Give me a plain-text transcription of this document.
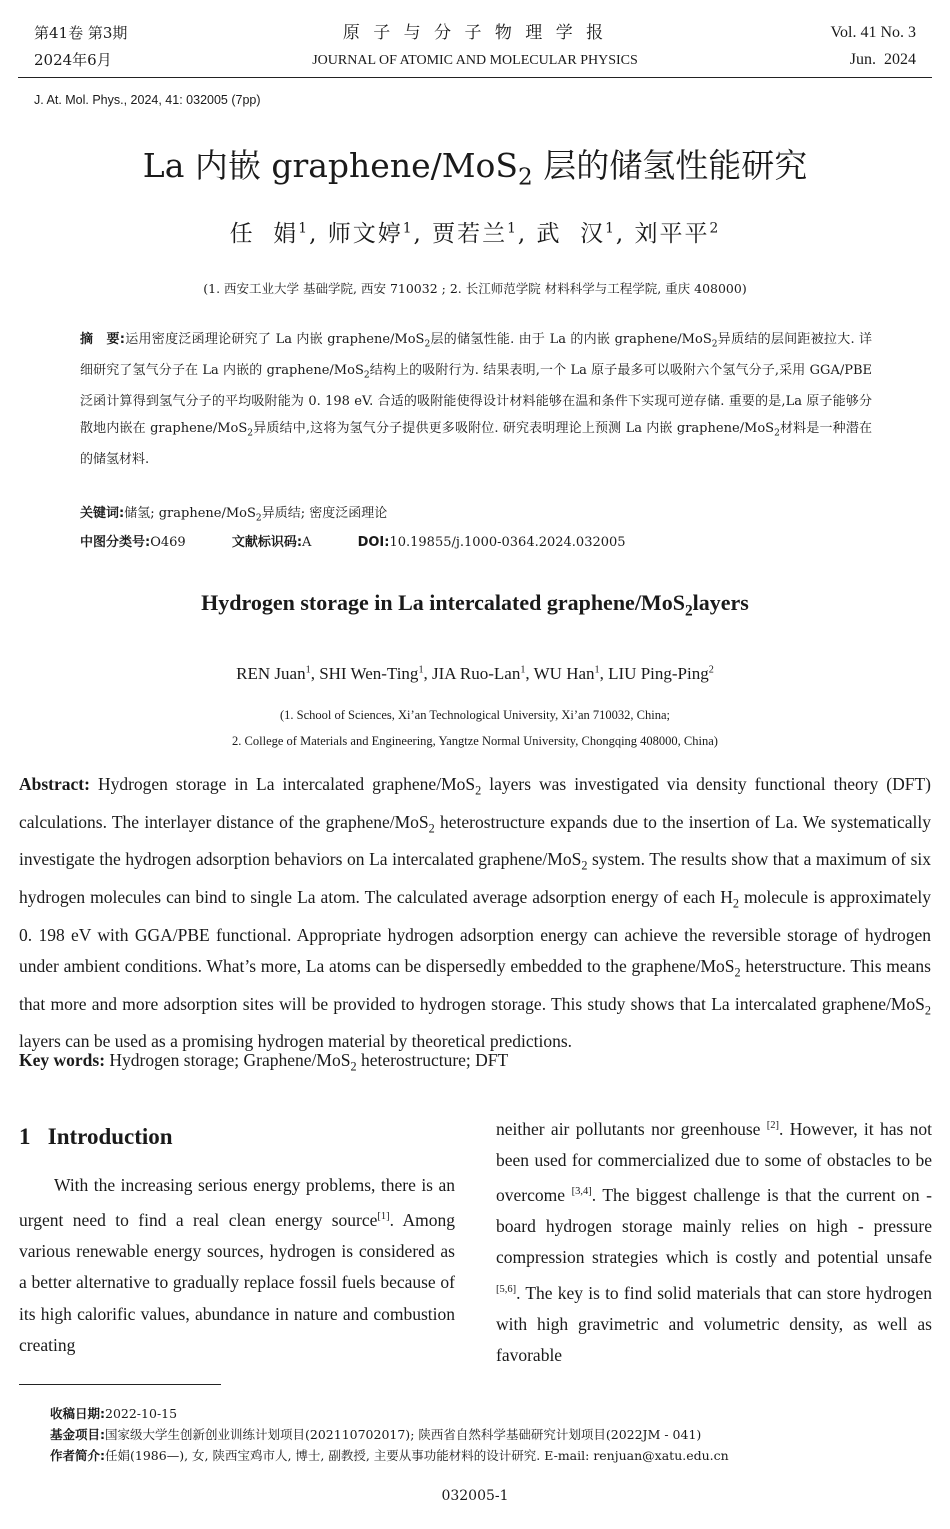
第41卷 第3期
2024年6月
原 子 与 分 子 物 理 学 报
JOURNAL OF ATOMIC AND MOLECULAR PHYSICS
Vol. 41 No. 3
Jun.  2024
J. At. Mol. Phys., 2024, 41: 032005 (7pp)
La 内嵌 graphene/MoS$_2$ 层的储氢性能研究
任  娟$^1$, 师文婷$^1$, 贾若兰$^1$, 武  汉$^1$, 刘平平$^2$
(1. 西安工业大学 基础学院, 西安 710032 ; 2. 长江师范学院 材料科学与工程学院, 重庆 408000)
摘　要:运用密度泛函理论研究了 La 内嵌 graphene/MoS$_2$层的储氢性能. 由于 La 的内嵌 graphene/MoS$_2$异质结的层间距被拉大. 详细研究了氢气分子在 La 内嵌的 graphene/MoS$_2$结构上的吸附行为. 结果表明,一个 La 原子最多可以吸附六个氢气分子,采用 GGA/PBE 泛函计算得到氢气分子的平均吸附能为 0. 198 eV. 合适的吸附能使得设计材料能够在温和条件下实现可逆存储. 重要的是,La 原子能够分散地内嵌在 graphene/MoS$_2$异质结中,这将为氢气分子提供更多吸附位. 研究表明理论上预测 La 内嵌 graphene/MoS$_2$材料是一种潜在的储氢材料.
关键词:储氢; graphene/MoS$_2$异质结; 密度泛函理论
中图分类号:O469	文献标识码:A	DOI:10.19855/j.1000-0364.2024.032005
Hydrogen storage in La intercalated graphene/MoS$_2$layers
REN Juan$^1$, SHI Wen-Ting$^1$, JIA Ruo-Lan$^1$, WU Han$^1$, LIU Ping-Ping$^2$
(1. School of Sciences, Xi’an Technological University, Xi’an 710032, China;
2. College of Materials and Engineering, Yangtze Normal University, Chongqing 408000, China)
Abstract: Hydrogen storage in La intercalated graphene/MoS$_2$ layers was investigated via density functional theory (DFT) calculations. The interlayer distance of the graphene/MoS$_2$ heterostructure expands due to the insertion of La. We systematically investigate the hydrogen adsorption behaviors on La intercalated graphene/MoS$_2$ system. The results show that a maximum of six hydrogen molecules can bind to single La atom. The calculated average adsorption energy of each $H_2$ molecule is approximately 0. 198 eV with GGA/PBE functional. Appropriate hydrogen adsorption energy can achieve the reversible storage of hydrogen under ambient conditions. What’s more, La atoms can be dispersedly embedded to the graphene/MoS$_2$ heterstructure. This means that more and more adsorption sites will be provided to hydrogen storage. This study shows that La intercalated graphene/MoS$_2$ layers can be used as a promising hydrogen material by theoretical predictions.
Key words: Hydrogen storage; Graphene/MoS$_2$ heterostructure; DFT
1 Introduction
With the increasing serious energy problems, there is an urgent need to find a real clean energy source[1]. Among various renewable energy sources, hydrogen is considered as a better alternative to gradually replace fossil fuels because of its high calorific values, abundance in nature and combustion creating
neither air pollutants nor greenhouse [2]. However, it has not been used for commercialized due to some of obstacles to be overcome [3,4]. The biggest challenge is that the current on - board hydrogen storage mainly relies on high - pressure compression strategies which is costly and potential unsafe [5,6]. The key is to find solid materials that can store hydrogen with high gravimetric and volumetric density, as well as favorable
收稿日期:2022-10-15
基金项目:国家级大学生创新创业训练计划项目(202110702017); 陕西省自然科学基础研究计划项目(2022JM - 041)
作者简介:任娟(1986—), 女, 陕西宝鸡市人, 博士, 副教授, 主要从事功能材料的设计研究. E-mail: renjuan@xatu.edu.cn
032005-1
